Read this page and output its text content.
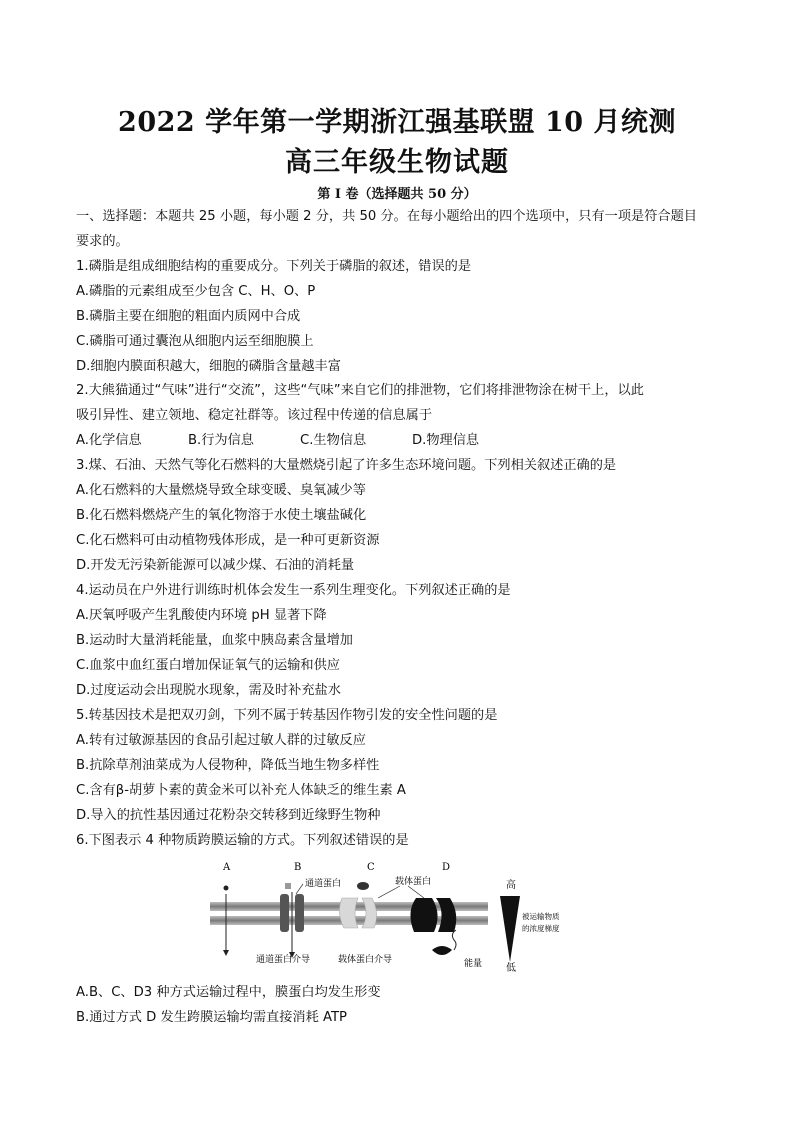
2022 学年第一学期浙江强基联盟 10 月统测
高三年级生物试题
第 I 卷（选择题共 50 分）
一、选择题：本题共 25 小题，每小题 2 分，共 50 分。在每小题给出的四个选项中，只有一项是符合题目
要求的。
1.磷脂是组成细胞结构的重要成分。下列关于磷脂的叙述，错误的是
A.磷脂的元素组成至少包含 C、H、O、P
B.磷脂主要在细胞的粗面内质网中合成
C.磷脂可通过囊泡从细胞内运至细胞膜上
D.细胞内膜面积越大，细胞的磷脂含量越丰富
2.大熊猫通过“气味”进行“交流”，这些“气味”来自它们的排泄物，它们将排泄物涂在树干上，以此
吸引异性、建立领地、稳定社群等。该过程中传递的信息属于
A.化学信息	B.行为信息	C.生物信息	D.物理信息
3.煤、石油、天然气等化石燃料的大量燃烧引起了许多生态环境问题。下列相关叙述正确的是
A.化石燃料的大量燃烧导致全球变暖、臭氧减少等
B.化石燃料燃烧产生的氧化物溶于水使土壤盐碱化
C.化石燃料可由动植物残体形成，是一种可更新资源
D.开发无污染新能源可以减少煤、石油的消耗量
4.运动员在户外进行训练时机体会发生一系列生理变化。下列叙述正确的是
A.厌氧呼吸产生乳酸使内环境 pH 显著下降
B.运动时大量消耗能量，血浆中胰岛素含量增加
C.血浆中血红蛋白增加保证氧气的运输和供应
D.过度运动会出现脱水现象，需及时补充盐水
5.转基因技术是把双刃剑，下列不属于转基因作物引发的安全性问题的是
A.转有过敏源基因的食品引起过敏人群的过敏反应
B.抗除草剂油菜成为人侵物种，降低当地生物多样性
C.含有β-胡萝卜素的黄金米可以补充人体缺乏的维生素 A
D.导入的抗性基因通过花粉杂交转移到近缘野生物种
6.下图表示 4 种物质跨膜运输的方式。下列叙述错误的是
A	B
通道蛋白
C
载体蛋白
D
能量
高
低
被运输物质
的浓度梯度
通道蛋白介导	载体蛋白介导
A.B、C、D3 种方式运输过程中，膜蛋白均发生形变
B.通过方式 D 发生跨膜运输均需直接消耗 ATP
